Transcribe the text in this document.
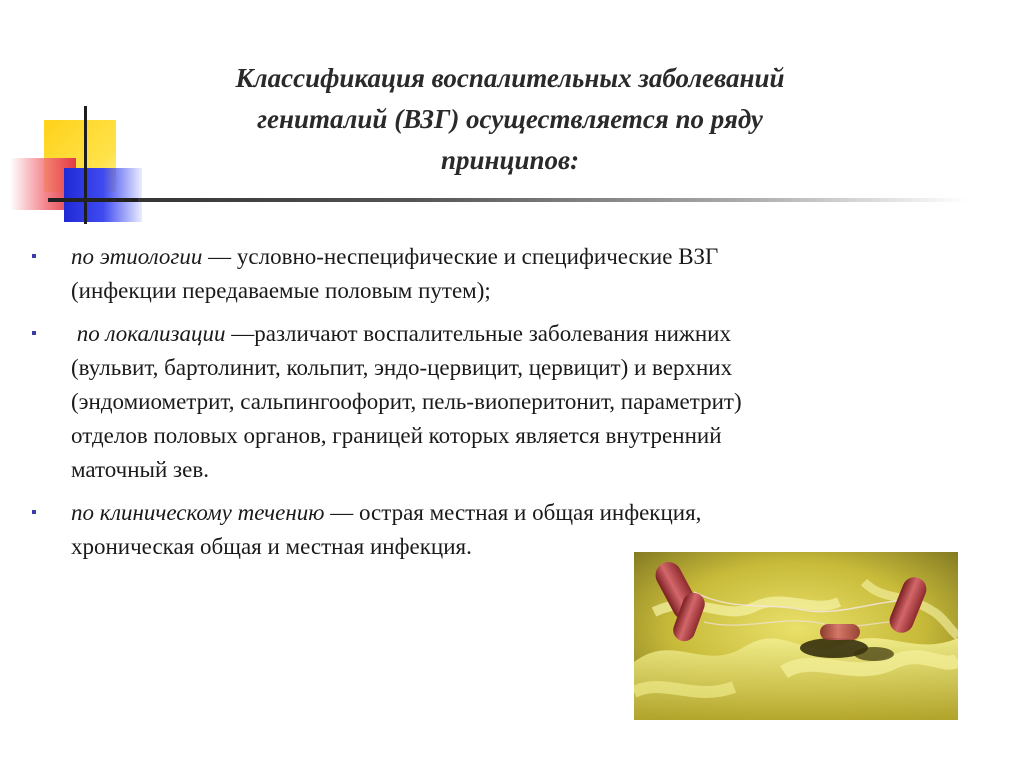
Классификация воспалительных заболеваний
гениталий (ВЗГ) осуществляется по ряду
принципов:
по этиологии — условно-неспецифические и специфические ВЗГ
(инфекции передаваемые половым путем);
по локализации —различают воспалительные заболевания нижних
(вульвит, бартолинит, кольпит, эндо-цервицит, цервицит) и верхних
(эндомиометрит, сальпингоофорит, пель-виоперитонит, параметрит)
отделов половых органов, границей которых является внутренний
маточный зев.
по клиническому течению — острая местная и общая инфекция,
хроническая общая и местная инфекция.
